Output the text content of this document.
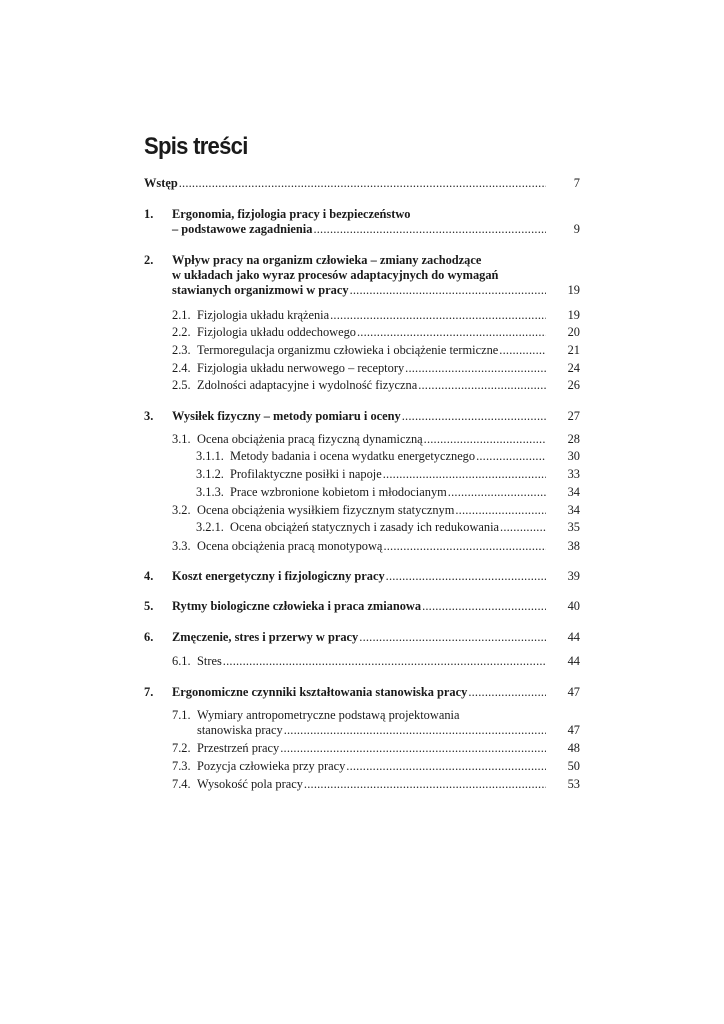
Spis treści
Wstęp .....	7
1. Ergonomia, fizjologia pracy i bezpieczeństwo
– podstawowe zagadnienia .....	9
2. Wpływ pracy na organizm człowieka – zmiany zachodzące
w układach jako wyraz procesów adaptacyjnych do wymagań
stawianych organizmowi w pracy .....	19
2.1. Fizjologia układu krążenia .....	19
2.2. Fizjologia układu oddechowego .....	20
2.3. Termoregulacja organizmu człowieka i obciążenie termiczne .....	21
2.4. Fizjologia układu nerwowego – receptory .....	24
2.5. Zdolności adaptacyjne i wydolność fizyczna .....	26
3. Wysiłek fizyczny – metody pomiaru i oceny .....	27
3.1. Ocena obciążenia pracą fizyczną dynamiczną .....	28
3.1.1. Metody badania i ocena wydatku energetycznego .....	30
3.1.2. Profilaktyczne posiłki i napoje .....	33
3.1.3. Prace wzbronione kobietom i młodocianym .....	34
3.2. Ocena obciążenia wysiłkiem fizycznym statycznym .....	34
3.2.1. Ocena obciążeń statycznych i zasady ich redukowania .....	35
3.3. Ocena obciążenia pracą monotypową .....	38
4. Koszt energetyczny i fizjologiczny pracy .....	39
5. Rytmy biologiczne człowieka i praca zmianowa .....	40
6. Zmęczenie, stres i przerwy w pracy .....	44
6.1. Stres .....	44
7. Ergonomiczne czynniki kształtowania stanowiska pracy .....	47
7.1. Wymiary antropometryczne podstawą projektowania
stanowiska pracy .....	47
7.2. Przestrzeń pracy .....	48
7.3. Pozycja człowieka przy pracy .....	50
7.4. Wysokość pola pracy .....	53
